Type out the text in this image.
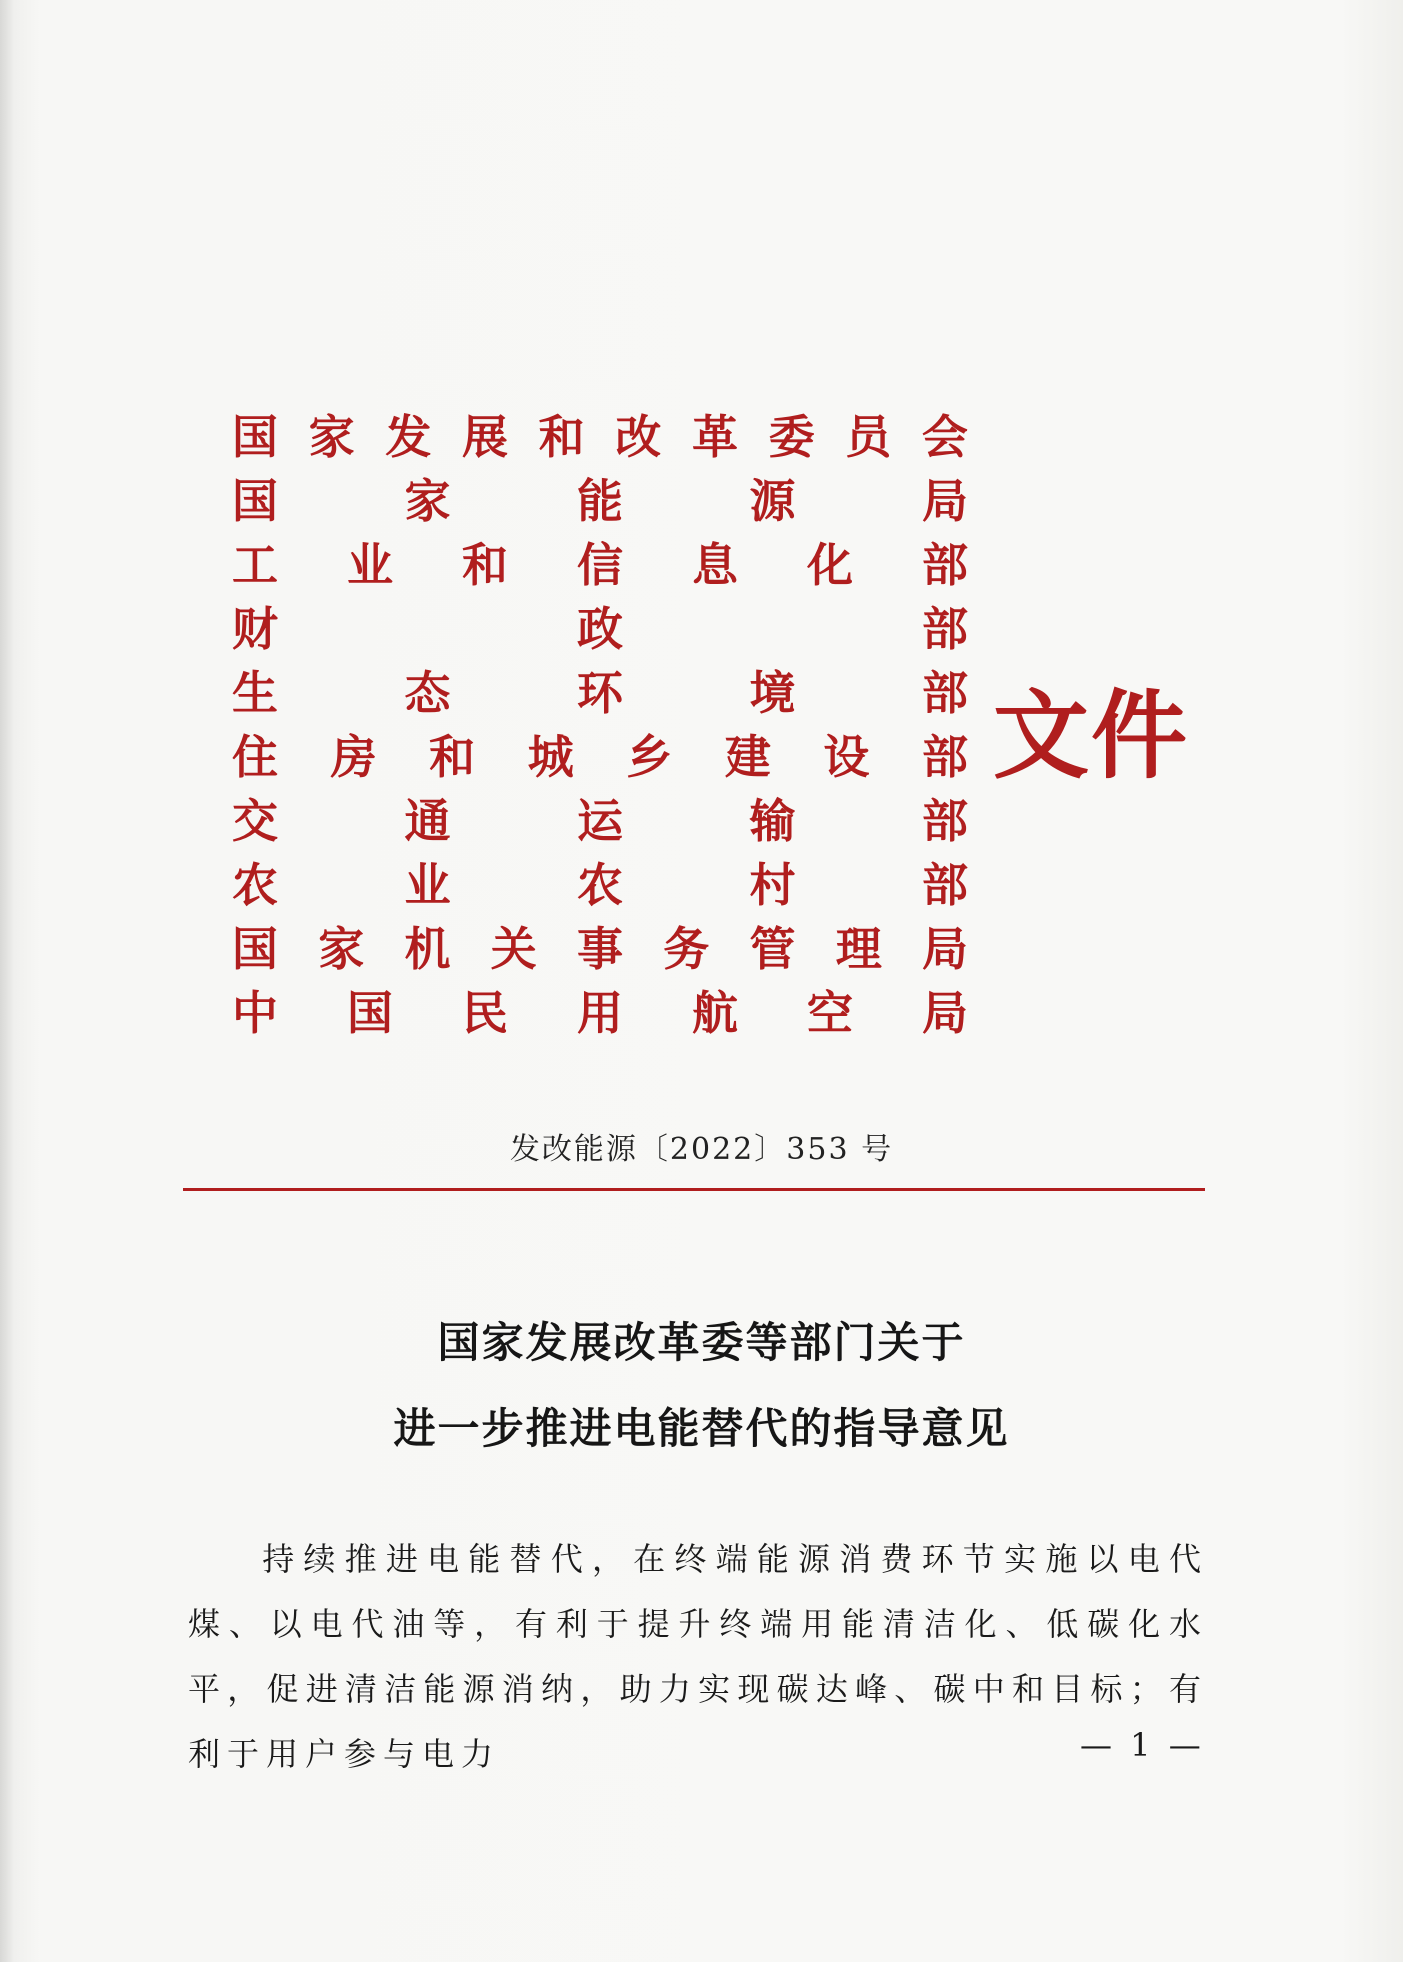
国 家 发 展 和 改 革 委 员 会
国	家	能	源	局
工 业 和 信 息 化 部
财	政	部
生	态	环	境	部
住 房 和 城 乡 建 设 部
交	通	运	输	部
农	业	农	村	部
国 家 机 关 事 务 管 理 局
中 国 民 用 航 空 局
文件
发改能源〔2022〕353 号
国家发展改革委等部门关于
进一步推进电能替代的指导意见
持续推进电能替代，在终端能源消费环节实施以电代煤、以电代油等，有利于提升终端用能清洁化、低碳化水平，促进清洁能源消纳，助力实现碳达峰、碳中和目标；有利于用户参与电力	— 1 —
